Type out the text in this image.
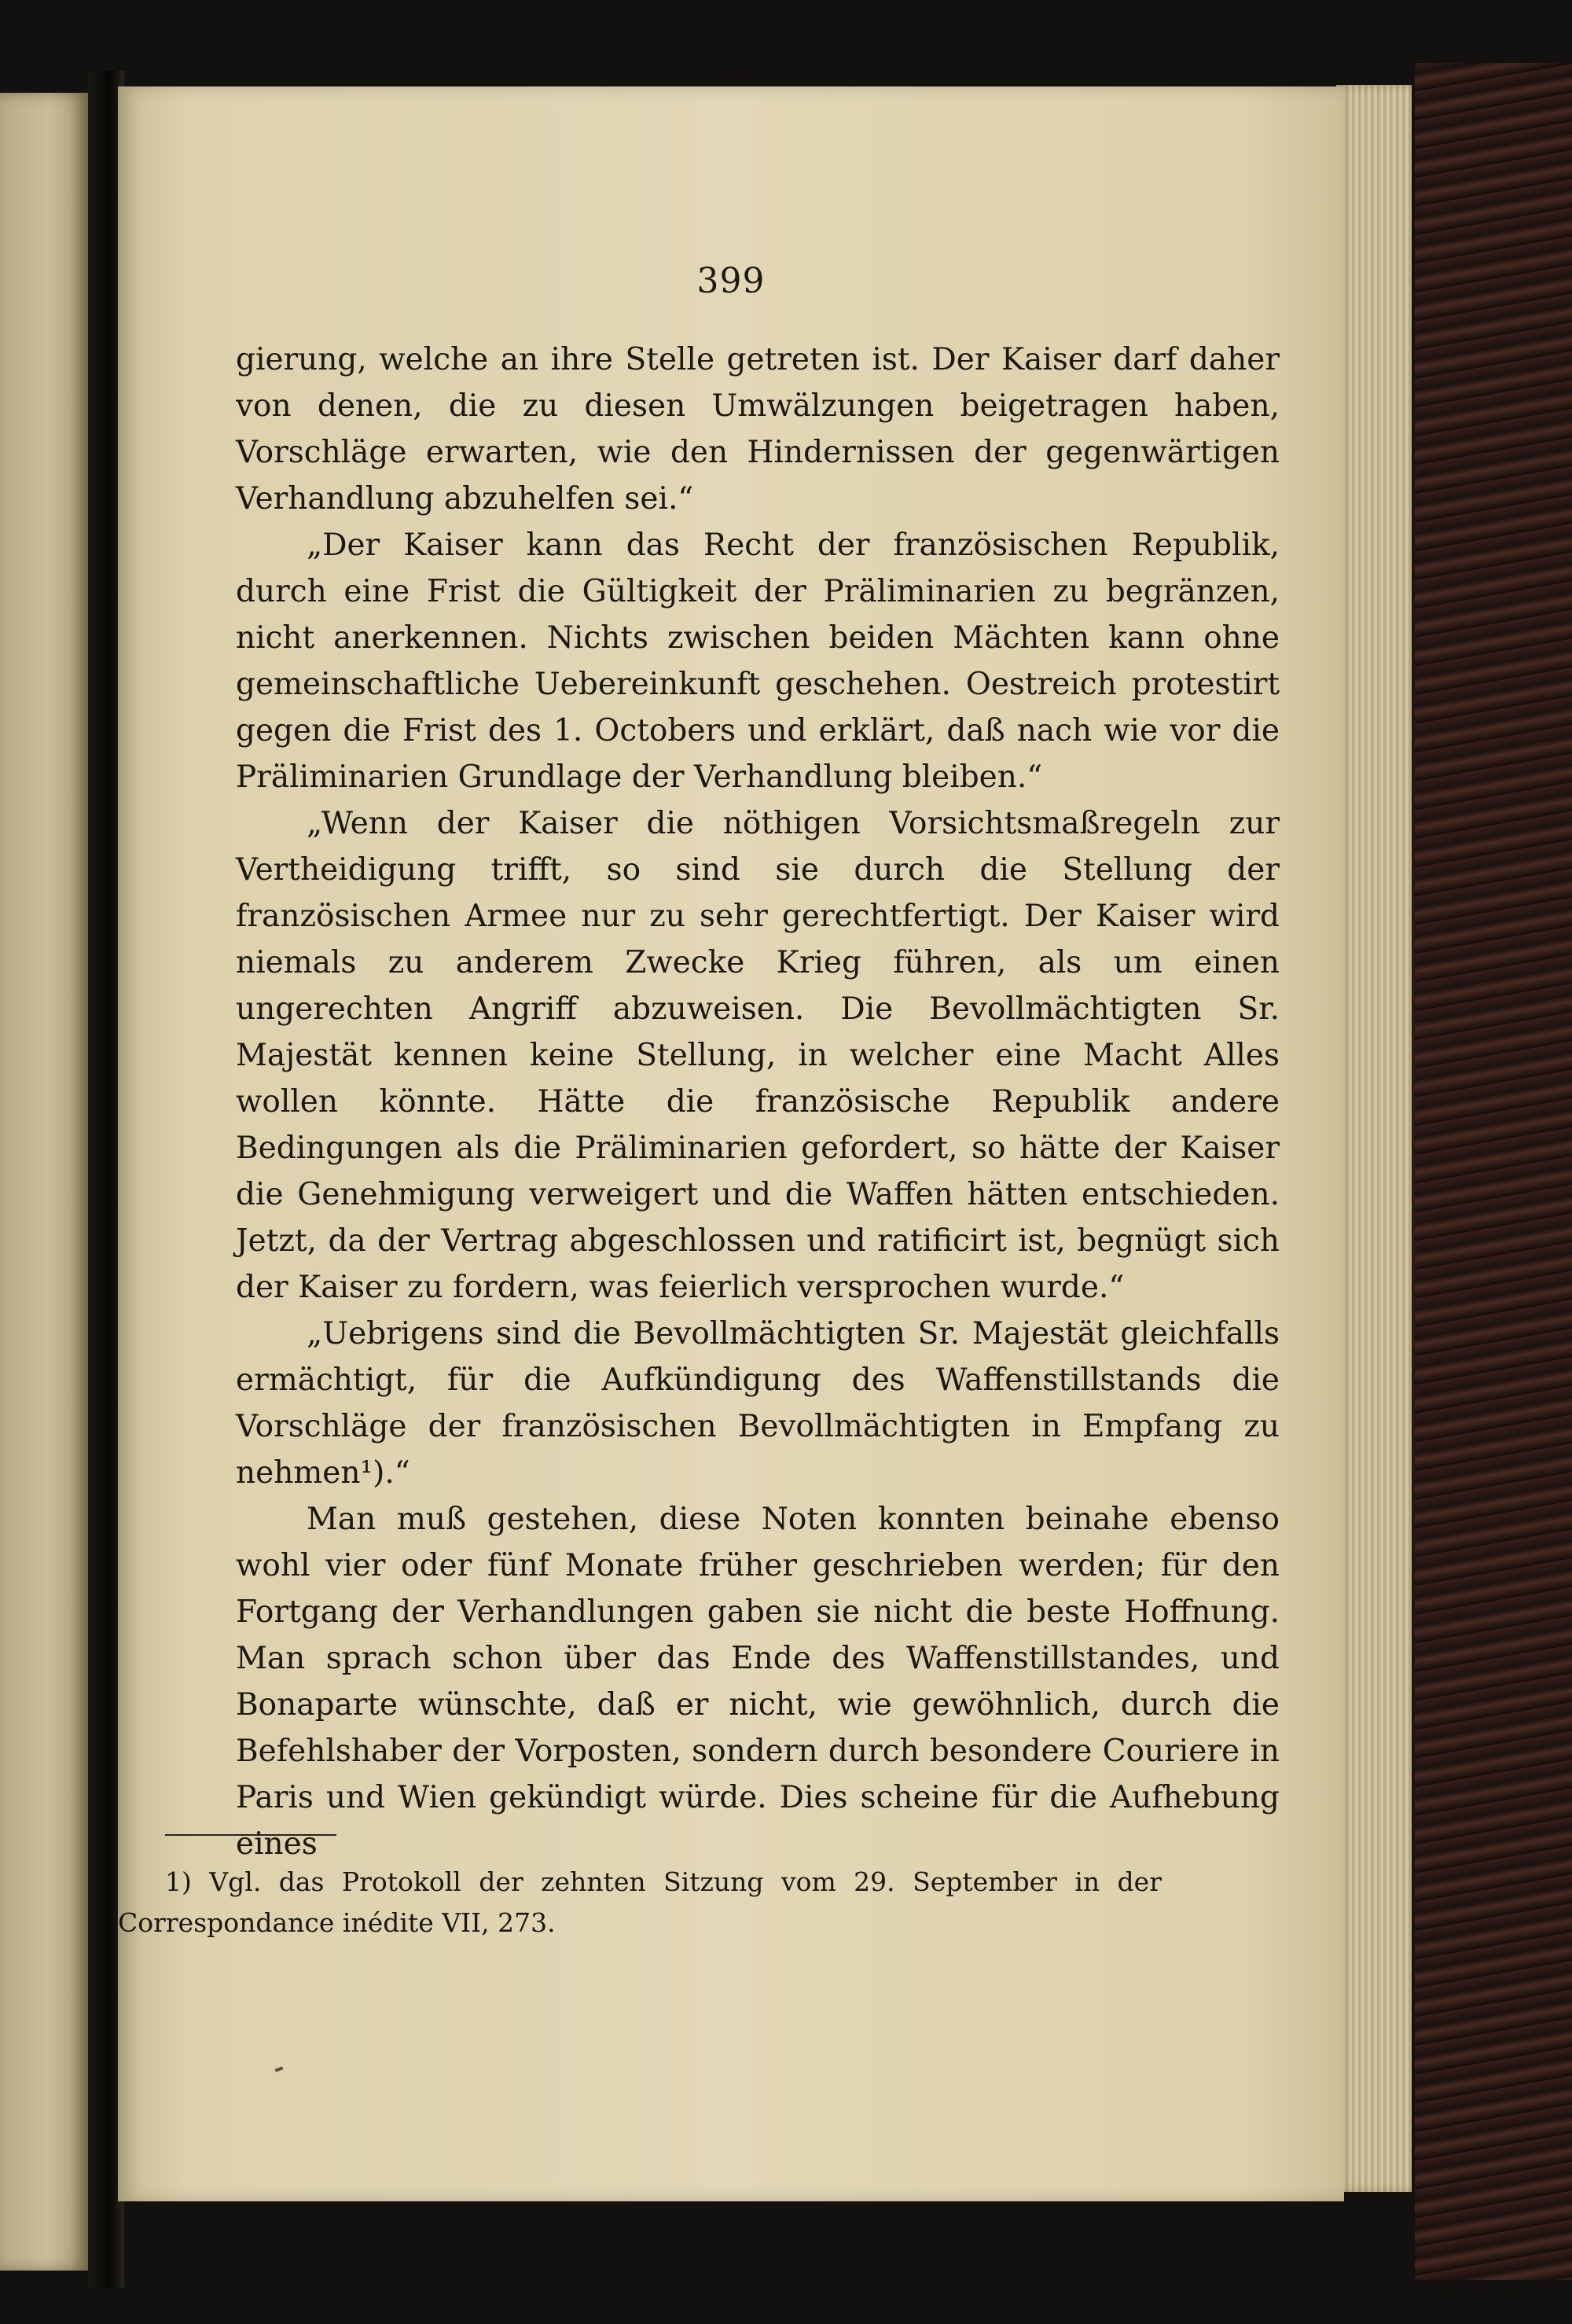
399

gierung, welche an ihre Stelle getreten ist. Der Kaiser darf daher von denen, die zu diesen Umwälzungen beigetragen haben, Vorschläge erwarten, wie den Hindernissen der gegenwärtigen Verhandlung abzuhelfen sei.“

„Der Kaiser kann das Recht der französischen Republik, durch eine Frist die Gültigkeit der Präliminarien zu begränzen, nicht anerkennen. Nichts zwischen beiden Mächten kann ohne gemeinschaftliche Uebereinkunft geschehen. Oestreich protestirt gegen die Frist des 1. Octobers und erklärt, daß nach wie vor die Präliminarien Grundlage der Verhandlung bleiben.“

„Wenn der Kaiser die nöthigen Vorsichtsmaßregeln zur Vertheidigung trifft, so sind sie durch die Stellung der französischen Armee nur zu sehr gerechtfertigt. Der Kaiser wird niemals zu anderem Zwecke Krieg führen, als um einen ungerechten Angriff abzuweisen. Die Bevollmächtigten Sr. Majestät kennen keine Stellung, in welcher eine Macht Alles wollen könnte. Hätte die französische Republik andere Bedingungen als die Präliminarien gefordert, so hätte der Kaiser die Genehmigung verweigert und die Waffen hätten entschieden. Jetzt, da der Vertrag abgeschlossen und ratificirt ist, begnügt sich der Kaiser zu fordern, was feierlich versprochen wurde.“

„Uebrigens sind die Bevollmächtigten Sr. Majestät gleichfalls ermächtigt, für die Aufkündigung des Waffenstillstands die Vorschläge der französischen Bevollmächtigten in Empfang zu nehmen¹).“

Man muß gestehen, diese Noten konnten beinahe ebenso wohl vier oder fünf Monate früher geschrieben werden; für den Fortgang der Verhandlungen gaben sie nicht die beste Hoffnung. Man sprach schon über das Ende des Waffenstillstandes, und Bonaparte wünschte, daß er nicht, wie gewöhnlich, durch die Befehlshaber der Vorposten, sondern durch besondere Couriere in Paris und Wien gekündigt würde. Dies scheine für die Aufhebung eines

1) Vgl. das Protokoll der zehnten Sitzung vom 29. September in der Correspondance inédite VII, 273.
